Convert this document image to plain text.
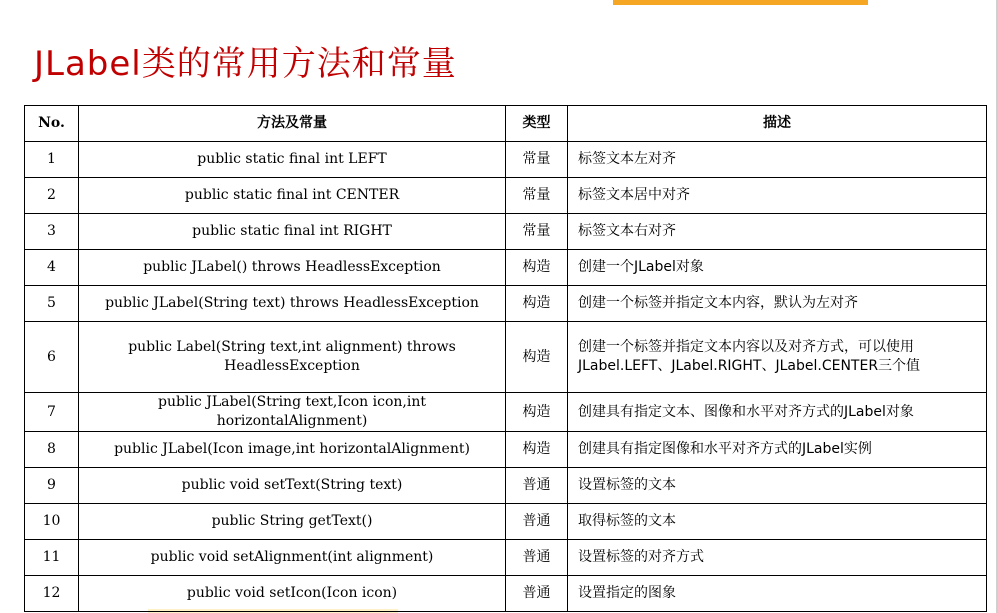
JLabel类的常用方法和常量
No.	方法及常量	类型	描述
1	public static final int LEFT	常量	标签文本左对齐
2	public static final int CENTER	常量	标签文本居中对齐
3	public static final int RIGHT	常量	标签文本右对齐
4	public JLabel() throws HeadlessException	构造	创建一个JLabel对象
5	public JLabel(String text) throws HeadlessException	构造	创建一个标签并指定文本内容，默认为左对齐
6	public Label(String text,int alignment) throws HeadlessException	构造	创建一个标签并指定文本内容以及对齐方式，可以使用JLabel.LEFT、JLabel.RIGHT、JLabel.CENTER三个值
7	public JLabel(String text,Icon icon,int horizontalAlignment)	构造	创建具有指定文本、图像和水平对齐方式的JLabel对象
8	public JLabel(Icon image,int horizontalAlignment)	构造	创建具有指定图像和水平对齐方式的JLabel实例
9	public void setText(String text)	普通	设置标签的文本
10	public String getText()	普通	取得标签的文本
11	public void setAlignment(int alignment)	普通	设置标签的对齐方式
12	public void setIcon(Icon icon)	普通	设置指定的图象
